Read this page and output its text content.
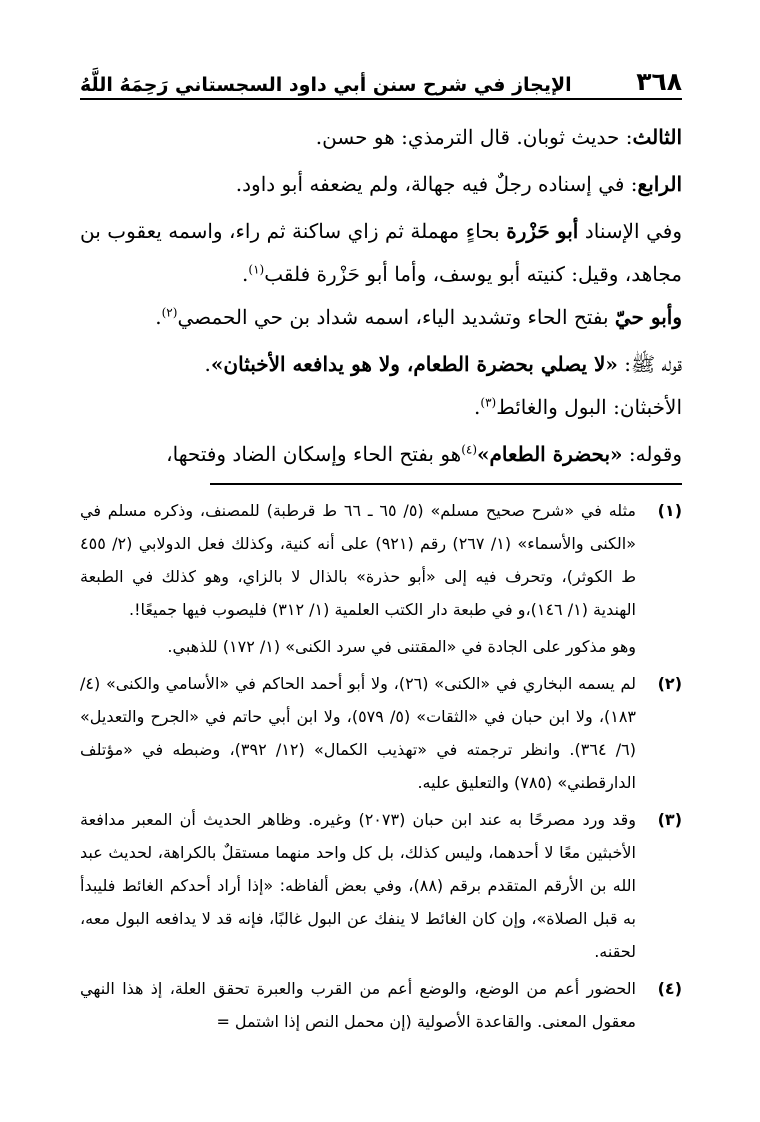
٣٦٨
الإيجاز في شرح سنن أبي داود السجستاني رَحِمَهُ اللَّهُ

الثالث: حديث ثوبان. قال الترمذي: هو حسن.

الرابع: في إسناده رجلٌ فيه جهالة، ولم يضعفه أبو داود.

وفي الإسناد أبو حَزْرة بحاءٍ مهملة ثم زاي ساكنة ثم راء، واسمه يعقوب بن مجاهد، وقيل: كنيته أبو يوسف، وأما أبو حَزْرة فلقب$^{(١)}$.

وأبو حيّ بفتح الحاء وتشديد الياء، اسمه شداد بن حي الحمصي$^{(٢)}$.

قوله ﷺ: «لا يصلي بحضرة الطعام، ولا هو يدافعه الأخبثان».

الأخبثان: البول والغائط$^{(٣)}$.

وقوله: «بحضرة الطعام»$^{(٤)}$هو بفتح الحاء وإسكان الضاد وفتحها،

(١)

مثله في «شرح صحيح مسلم» (٥/ ٦٥ ـ ٦٦ ط قرطبة) للمصنف، وذكره مسلم في «الكنى والأسماء» (١/ ٢٦٧) رقم (٩٢١) على أنه كنية، وكذلك فعل الدولابي (٢/ ٤٥٥ ط الكوثر)، وتحرف فيه إلى «أبو حذرة» بالذال لا بالزاي، وهو كذلك في الطبعة الهندية (١/ ١٤٦)،و في طبعة دار الكتب العلمية (١/ ٣١٢) فليصوب فيها جميعًا!.

وهو مذكور على الجادة في «المقتنى في سرد الكنى» (١/ ١٧٢) للذهبي.

(٢)

لم يسمه البخاري في «الكنى» (٢٦)، ولا أبو أحمد الحاكم في «الأسامي والكنى» (٤/ ١٨٣)، ولا ابن حبان في «الثقات» (٥/ ٥٧٩)، ولا ابن أبي حاتم في «الجرح والتعديل» (٦/ ٣٦٤). وانظر ترجمته في «تهذيب الكمال» (١٢/ ٣٩٢)، وضبطه في «مؤتلف الدارقطني» (٧٨٥) والتعليق عليه.

(٣)

وقد ورد مصرحًا به عند ابن حبان (٢٠٧٣) وغيره. وظاهر الحديث أن المعبر مدافعة الأخبثين معًا لا أحدهما، وليس كذلك، بل كل واحد منهما مستقلٌ بالكراهة، لحديث عبد الله بن الأرقم المتقدم برقم (٨٨)، وفي بعض ألفاظه: «إذا أراد أحدكم الغائط فليبدأ به قبل الصلاة»، وإن كان الغائط لا ينفك عن البول غالبًا، فإنه قد لا يدافعه البول معه، لحقنه.

(٤)

الحضور أعم من الوضع، والوضع أعم من القرب والعبرة تحقق العلة، إذ هذا النهي معقول المعنى. والقاعدة الأصولية (إن محمل النص إذا اشتمل =
